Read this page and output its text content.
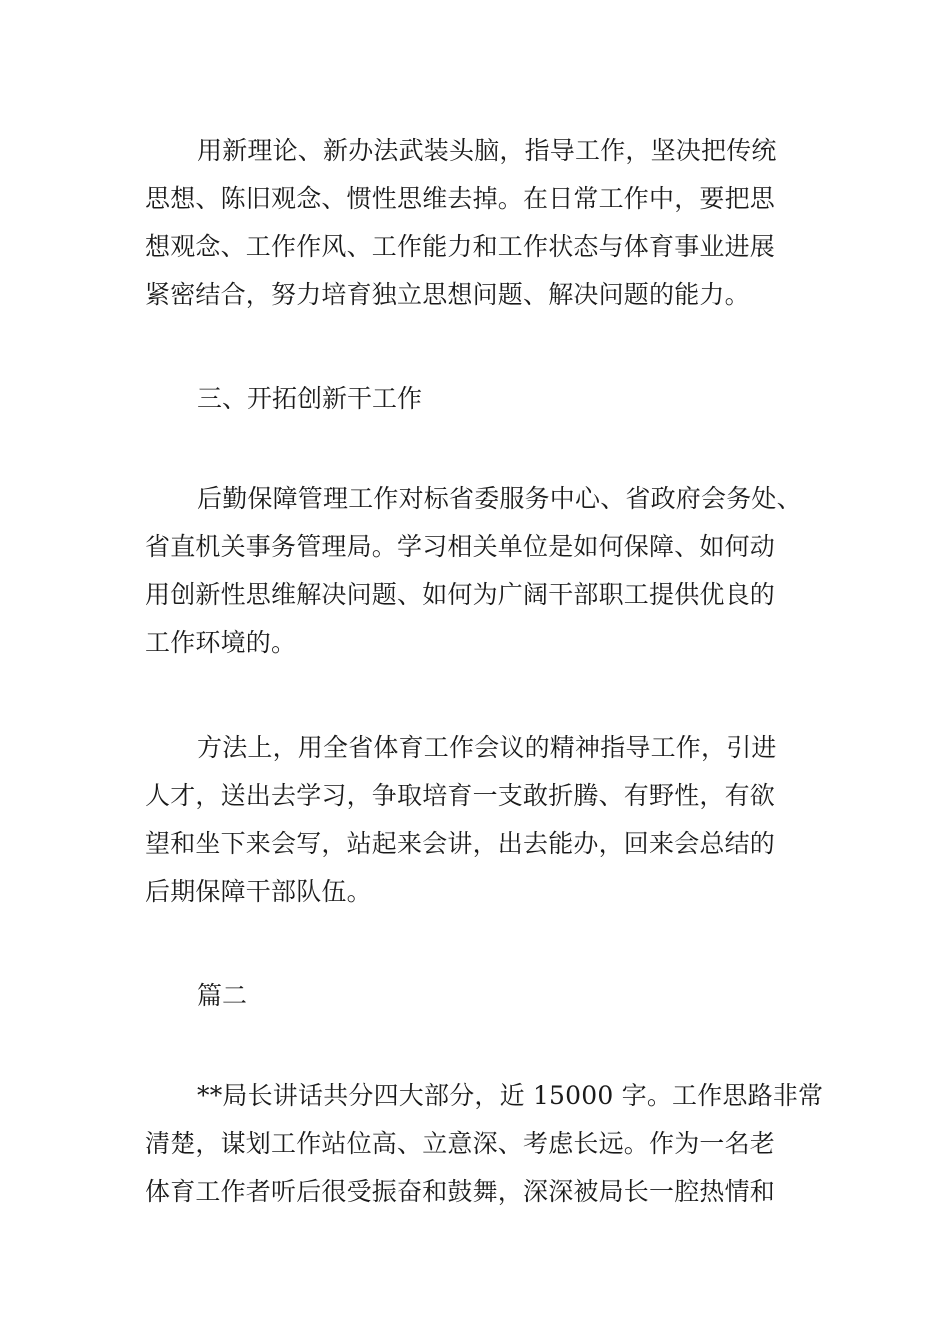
用新理论、新办法武装头脑，指导工作，坚决把传统
思想、陈旧观念、惯性思维去掉。在日常工作中，要把思
想观念、工作作风、工作能力和工作状态与体育事业进展
紧密结合，努力培育独立思想问题、解决问题的能力。

三、开拓创新干工作

后勤保障管理工作对标省委服务中心、省政府会务处、
省直机关事务管理局。学习相关单位是如何保障、如何动
用创新性思维解决问题、如何为广阔干部职工提供优良的
工作环境的。

方法上，用全省体育工作会议的精神指导工作，引进
人才，送出去学习，争取培育一支敢折腾、有野性，有欲
望和坐下来会写，站起来会讲，出去能办，回来会总结的
后期保障干部队伍。

篇二

**局长讲话共分四大部分，近 15000 字。工作思路非常
清楚，谋划工作站位高、立意深、考虑长远。作为一名老
体育工作者听后很受振奋和鼓舞，深深被局长一腔热情和
